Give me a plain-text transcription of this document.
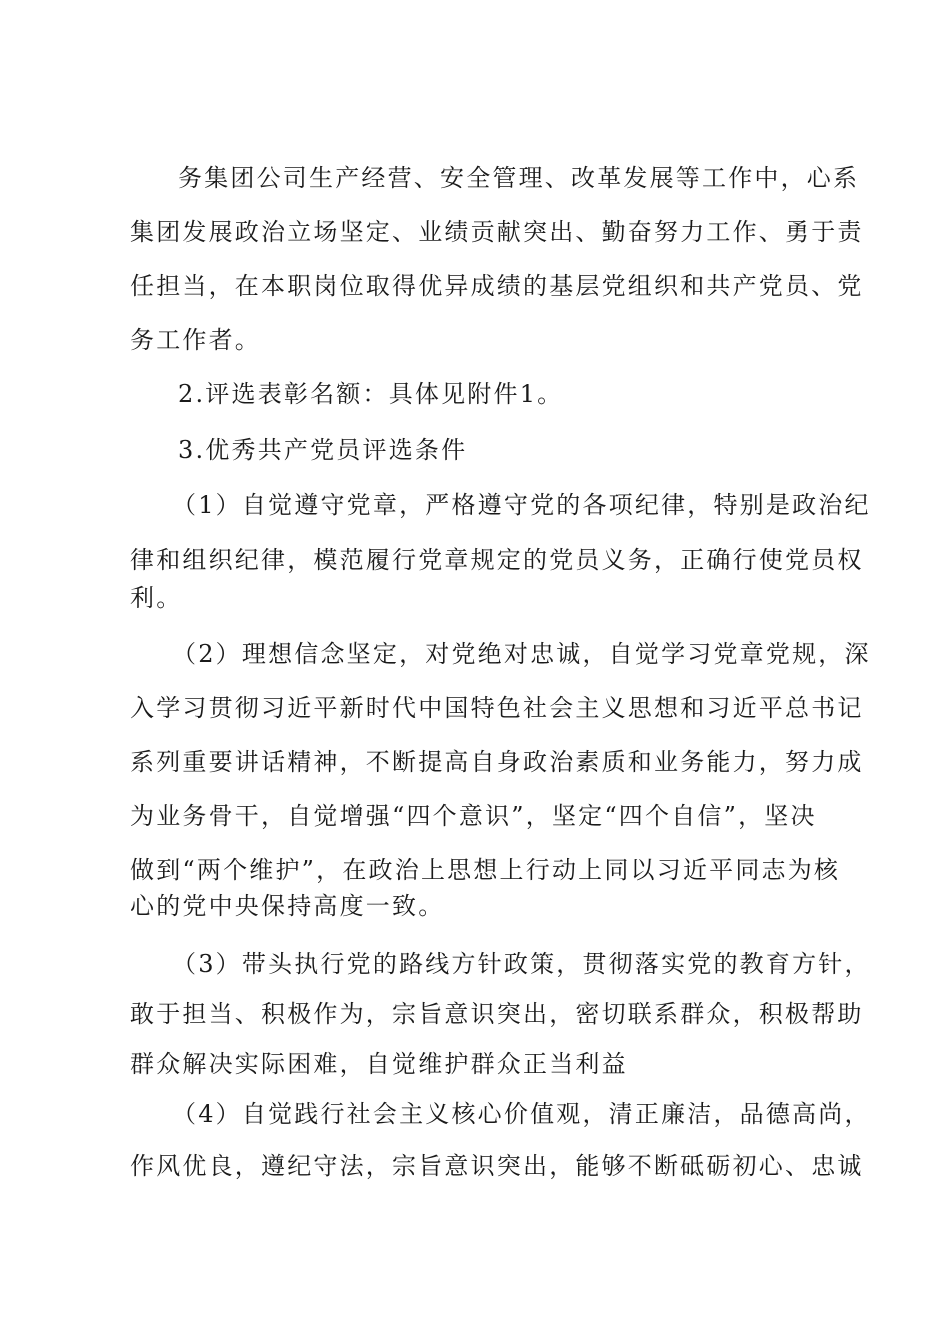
务集团公司生产经营、安全管理、改革发展等工作中，心系
集团发展政治立场坚定、业绩贡献突出、勤奋努力工作、勇于责
任担当，在本职岗位取得优异成绩的基层党组织和共产党员、党
务工作者。
2.评选表彰名额：具体见附件1。
3.优秀共产党员评选条件
（1）自觉遵守党章，严格遵守党的各项纪律，特别是政治纪
律和组织纪律，模范履行党章规定的党员义务，正确行使党员权
利。
（2）理想信念坚定，对党绝对忠诚，自觉学习党章党规，深
入学习贯彻习近平新时代中国特色社会主义思想和习近平总书记
系列重要讲话精神，不断提高自身政治素质和业务能力，努力成
为业务骨干，自觉增强“四个意识”，坚定“四个自信”，坚决
做到“两个维护”，在政治上思想上行动上同以习近平同志为核
心的党中央保持高度一致。
（3）带头执行党的路线方针政策，贯彻落实党的教育方针，
敢于担当、积极作为，宗旨意识突出，密切联系群众，积极帮助
群众解决实际困难，自觉维护群众正当利益
（4）自觉践行社会主义核心价值观，清正廉洁，品德高尚，
作风优良，遵纪守法，宗旨意识突出，能够不断砥砺初心、忠诚
